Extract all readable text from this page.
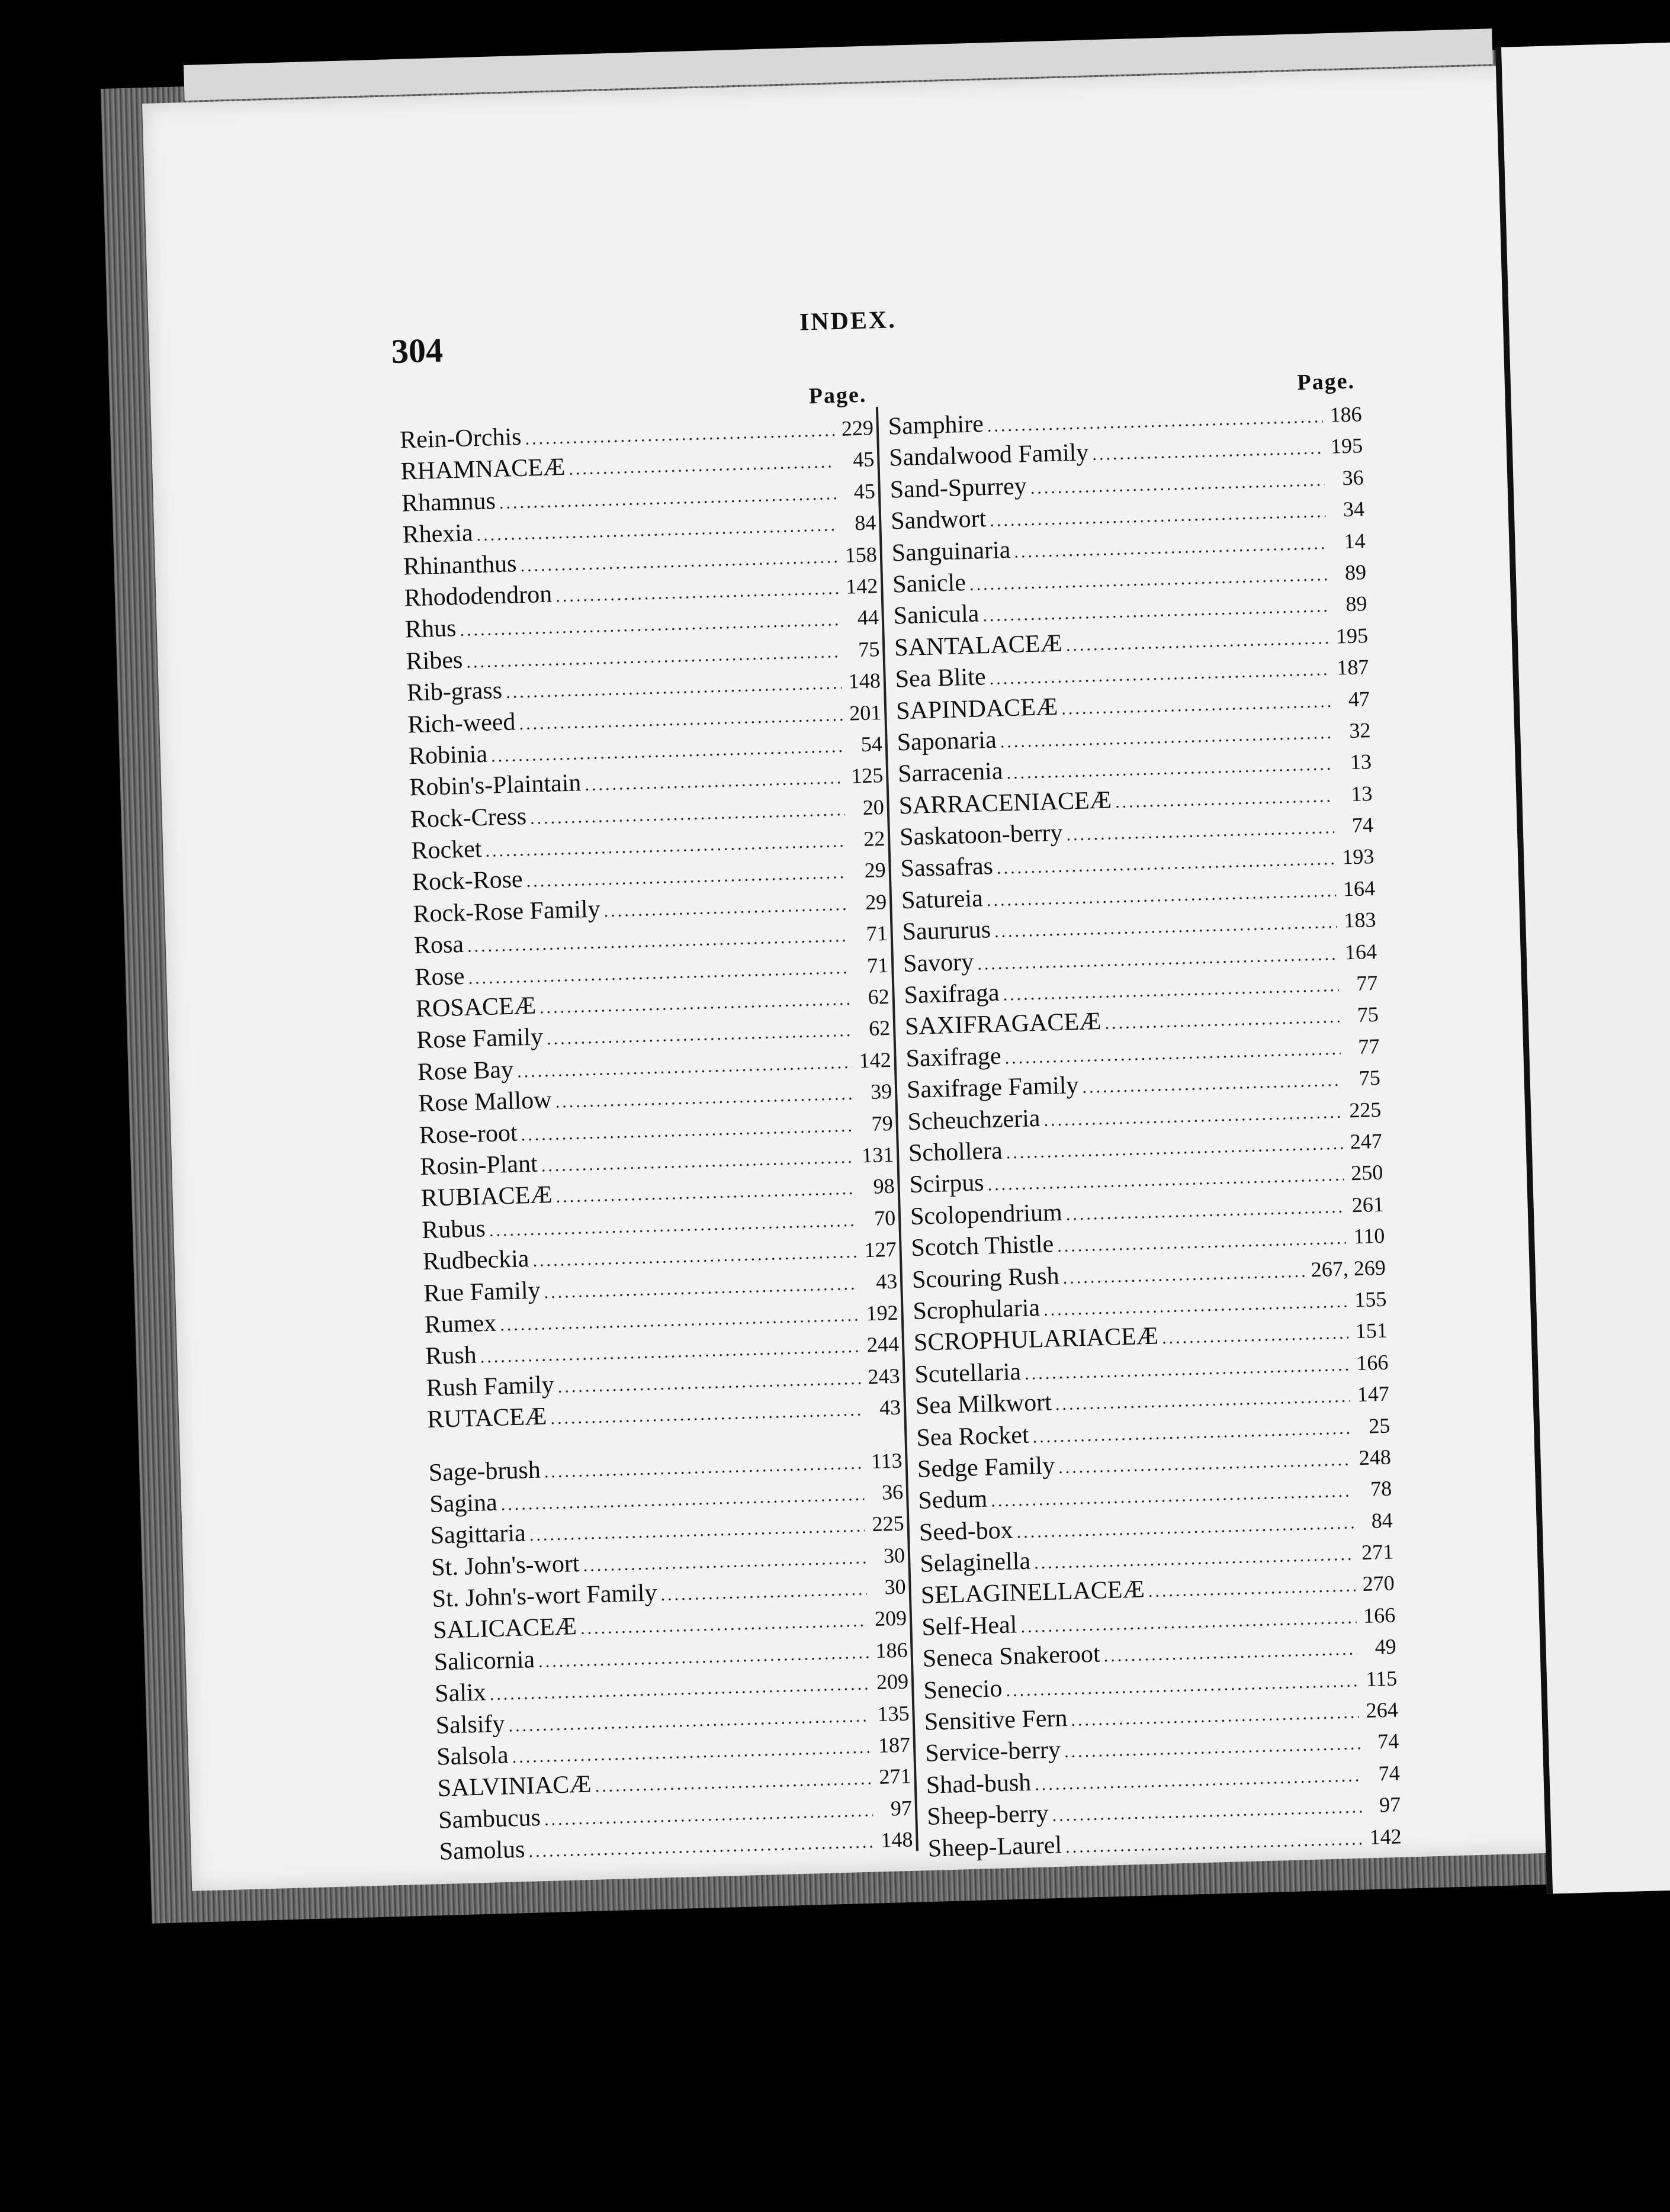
304
INDEX.
Page.
Rein-Orchis .....	229
RHAMNACEÆ .....	45
Rhamnus .....	45
Rhexia .....	84
Rhinanthus .....	158
Rhododendron .....	142
Rhus .....	44
Ribes .....	75
Rib-grass .....	148
Rich-weed .....	201
Robinia .....	54
Robin's-Plaintain .....	125
Rock-Cress .....	20
Rocket .....	22
Rock-Rose .....	29
Rock-Rose Family .....	29
Rosa .....	71
Rose .....	71
ROSACEÆ .....	62
Rose Family .....	62
Rose Bay .....	142
Rose Mallow .....	39
Rose-root .....	79
Rosin-Plant .....	131
RUBIACEÆ .....	98
Rubus .....	70
Rudbeckia .....	127
Rue Family .....	43
Rumex .....	192
Rush .....	244
Rush Family .....	243
RUTACEÆ .....	43
Sage-brush .....	113
Sagina .....	36
Sagittaria .....	225
St. John's-wort .....	30
St. John's-wort Family .....	30
SALICACEÆ .....	209
Salicornia .....	186
Salix .....	209
Salsify .....	135
Salsola .....	187
SALVINIACÆ .....	271
Sambucus .....	97
Samolus .....	148
Page.
Samphire .....	186
Sandalwood Family .....	195
Sand-Spurrey .....	36
Sandwort .....	34
Sanguinaria .....	14
Sanicle .....	89
Sanicula .....	89
SANTALACEÆ .....	195
Sea Blite .....	187
SAPINDACEÆ .....	47
Saponaria .....	32
Sarracenia .....	13
SARRACENIACEÆ .....	13
Saskatoon-berry .....	74
Sassafras .....	193
Satureia .....	164
Saururus .....	183
Savory .....	164
Saxifraga .....	77
SAXIFRAGACEÆ .....	75
Saxifrage .....	77
Saxifrage Family .....	75
Scheuchzeria .....	225
Schollera .....	247
Scirpus .....	250
Scolopendrium .....	261
Scotch Thistle .....	110
Scouring Rush .....	267, 269
Scrophularia .....	155
SCROPHULARIACEÆ .....	151
Scutellaria .....	166
Sea Milkwort .....	147
Sea Rocket .....	25
Sedge Family .....	248
Sedum .....	78
Seed-box .....	84
Selaginella .....	271
SELAGINELLACEÆ .....	270
Self-Heal .....	166
Seneca Snakeroot .....	49
Senecio .....	115
Sensitive Fern .....	264
Service-berry .....	74
Shad-bush .....	74
Sheep-berry .....	97
Sheep-Laurel .....	142
